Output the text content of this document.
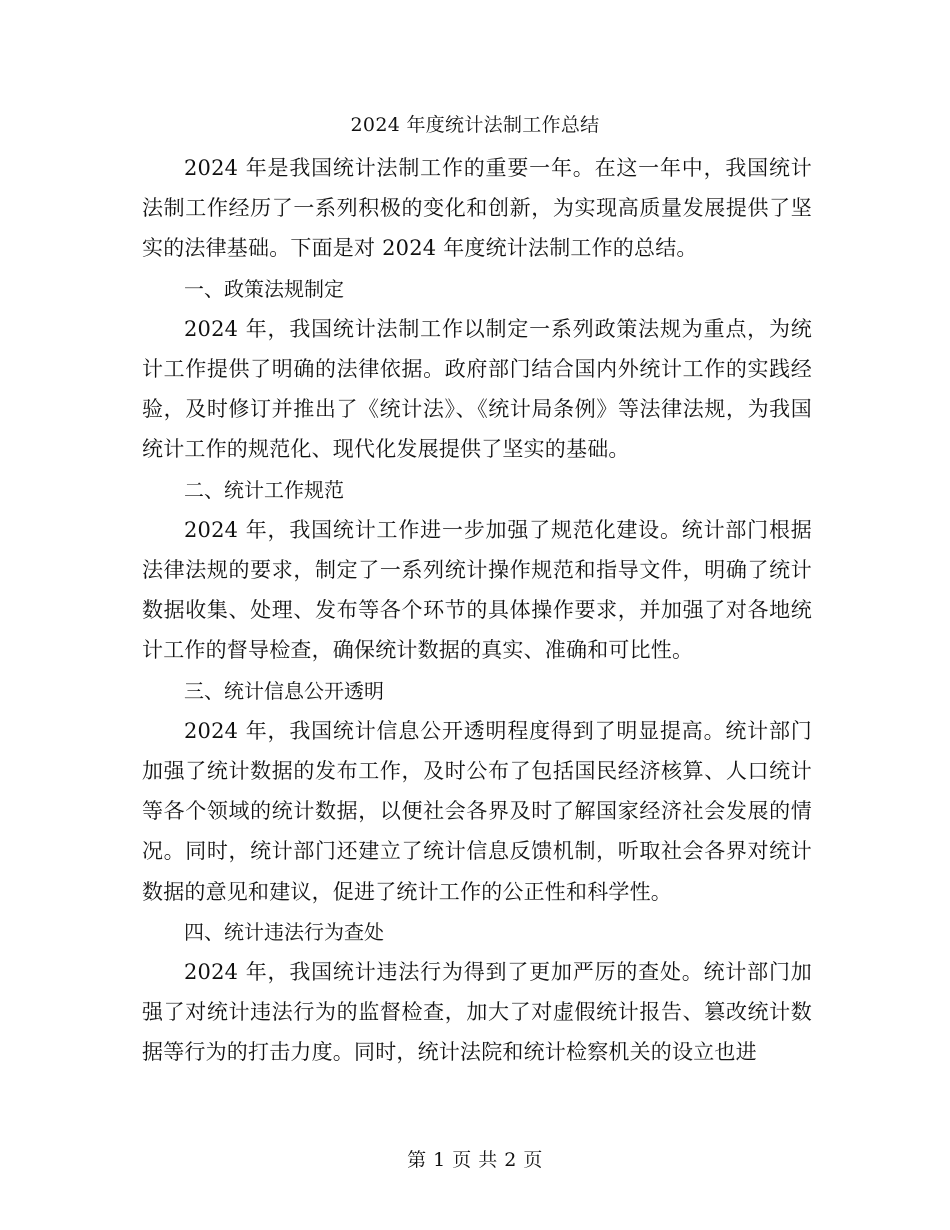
2024 年度统计法制工作总结

2024 年是我国统计法制工作的重要一年。在这一年中，我国统计法制工作经历了一系列积极的变化和创新，为实现高质量发展提供了坚实的法律基础。下面是对 2024 年度统计法制工作的总结。

一、政策法规制定

2024 年，我国统计法制工作以制定一系列政策法规为重点，为统计工作提供了明确的法律依据。政府部门结合国内外统计工作的实践经验，及时修订并推出了《统计法》、《统计局条例》等法律法规，为我国统计工作的规范化、现代化发展提供了坚实的基础。

二、统计工作规范

2024 年，我国统计工作进一步加强了规范化建设。统计部门根据法律法规的要求，制定了一系列统计操作规范和指导文件，明确了统计数据收集、处理、发布等各个环节的具体操作要求，并加强了对各地统计工作的督导检查，确保统计数据的真实、准确和可比性。

三、统计信息公开透明

2024 年，我国统计信息公开透明程度得到了明显提高。统计部门加强了统计数据的发布工作，及时公布了包括国民经济核算、人口统计等各个领域的统计数据，以便社会各界及时了解国家经济社会发展的情况。同时，统计部门还建立了统计信息反馈机制，听取社会各界对统计数据的意见和建议，促进了统计工作的公正性和科学性。

四、统计违法行为查处

2024 年，我国统计违法行为得到了更加严厉的查处。统计部门加强了对统计违法行为的监督检查，加大了对虚假统计报告、篡改统计数据等行为的打击力度。同时，统计法院和统计检察机关的设立也进

第 1 页 共 2 页
